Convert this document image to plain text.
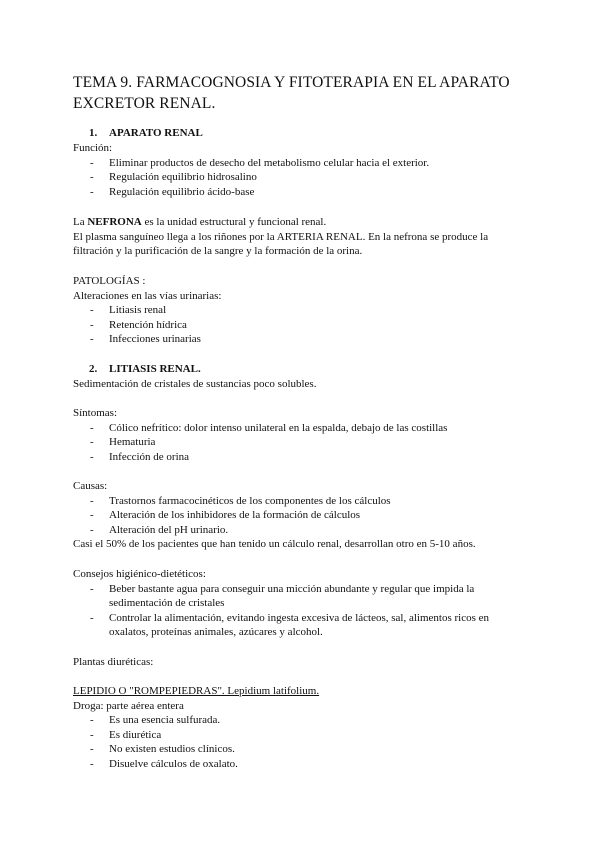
TEMA 9. FARMACOGNOSIA Y FITOTERAPIA EN EL APARATO EXCRETOR RENAL.
1. APARATO RENAL
Función:
- Eliminar productos de desecho del metabolismo celular hacia el exterior.
- Regulación equilibrio hidrosalino
- Regulación equilibrio ácido-base
La NEFRONA es la unidad estructural y funcional renal.
El plasma sanguíneo llega a los riñones por la ARTERIA RENAL. En la nefrona se produce la filtración y la purificación de la sangre y la formación de la orina.
PATOLOGÍAS :
Alteraciones en las vías urinarias:
- Litiasis renal
- Retención hídrica
- Infecciones urinarias
2. LITIASIS RENAL.
Sedimentación de cristales de sustancias poco solubles.
Síntomas:
- Cólico nefrítico: dolor intenso unilateral en la espalda, debajo de las costillas
- Hematuria
- Infección de orina
Causas:
- Trastornos farmacocinéticos de los componentes de los cálculos
- Alteración de los inhibidores de la formación de cálculos
- Alteración del pH urinario.
Casi el 50% de los pacientes que han tenido un cálculo renal, desarrollan otro en 5-10 años.
Consejos higiénico-dietéticos:
- Beber bastante agua para conseguir una micción abundante y regular que impida la
sedimentación de cristales
- Controlar la alimentación, evitando ingesta excesiva de lácteos, sal, alimentos ricos en
oxalatos, proteínas animales, azúcares y alcohol.
Plantas diuréticas:
LEPIDIO O "ROMPEPIEDRAS". Lepidium latifolium.
Droga: parte aérea entera
- Es una esencia sulfurada.
- Es diurética
- No existen estudios clínicos.
- Disuelve cálculos de oxalato.
